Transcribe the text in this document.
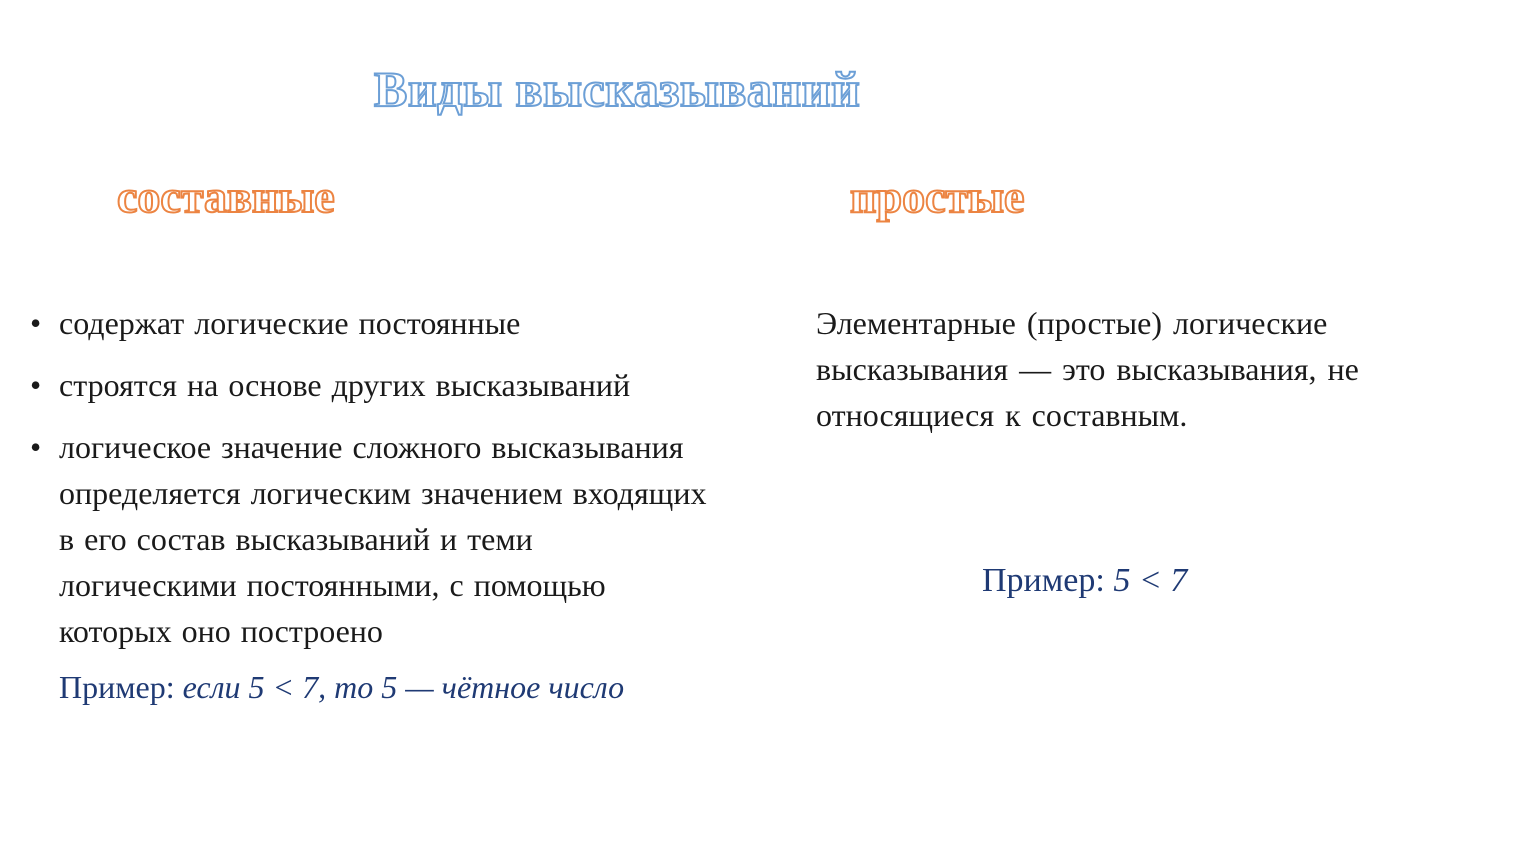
Виды высказываний
составные	простые
• содержат логические постоянные
• строятся на основе других высказываний
• логическое значение сложного высказывания определяется логическим значением входящих в его состав высказываний и теми логическими постоянными, с помощью которых оно построено
Пример: если 5 < 7, то 5 — чётное число
Элементарные (простые) логические высказывания — это высказывания, не относящиеся к составным.
Пример: 5 < 7
